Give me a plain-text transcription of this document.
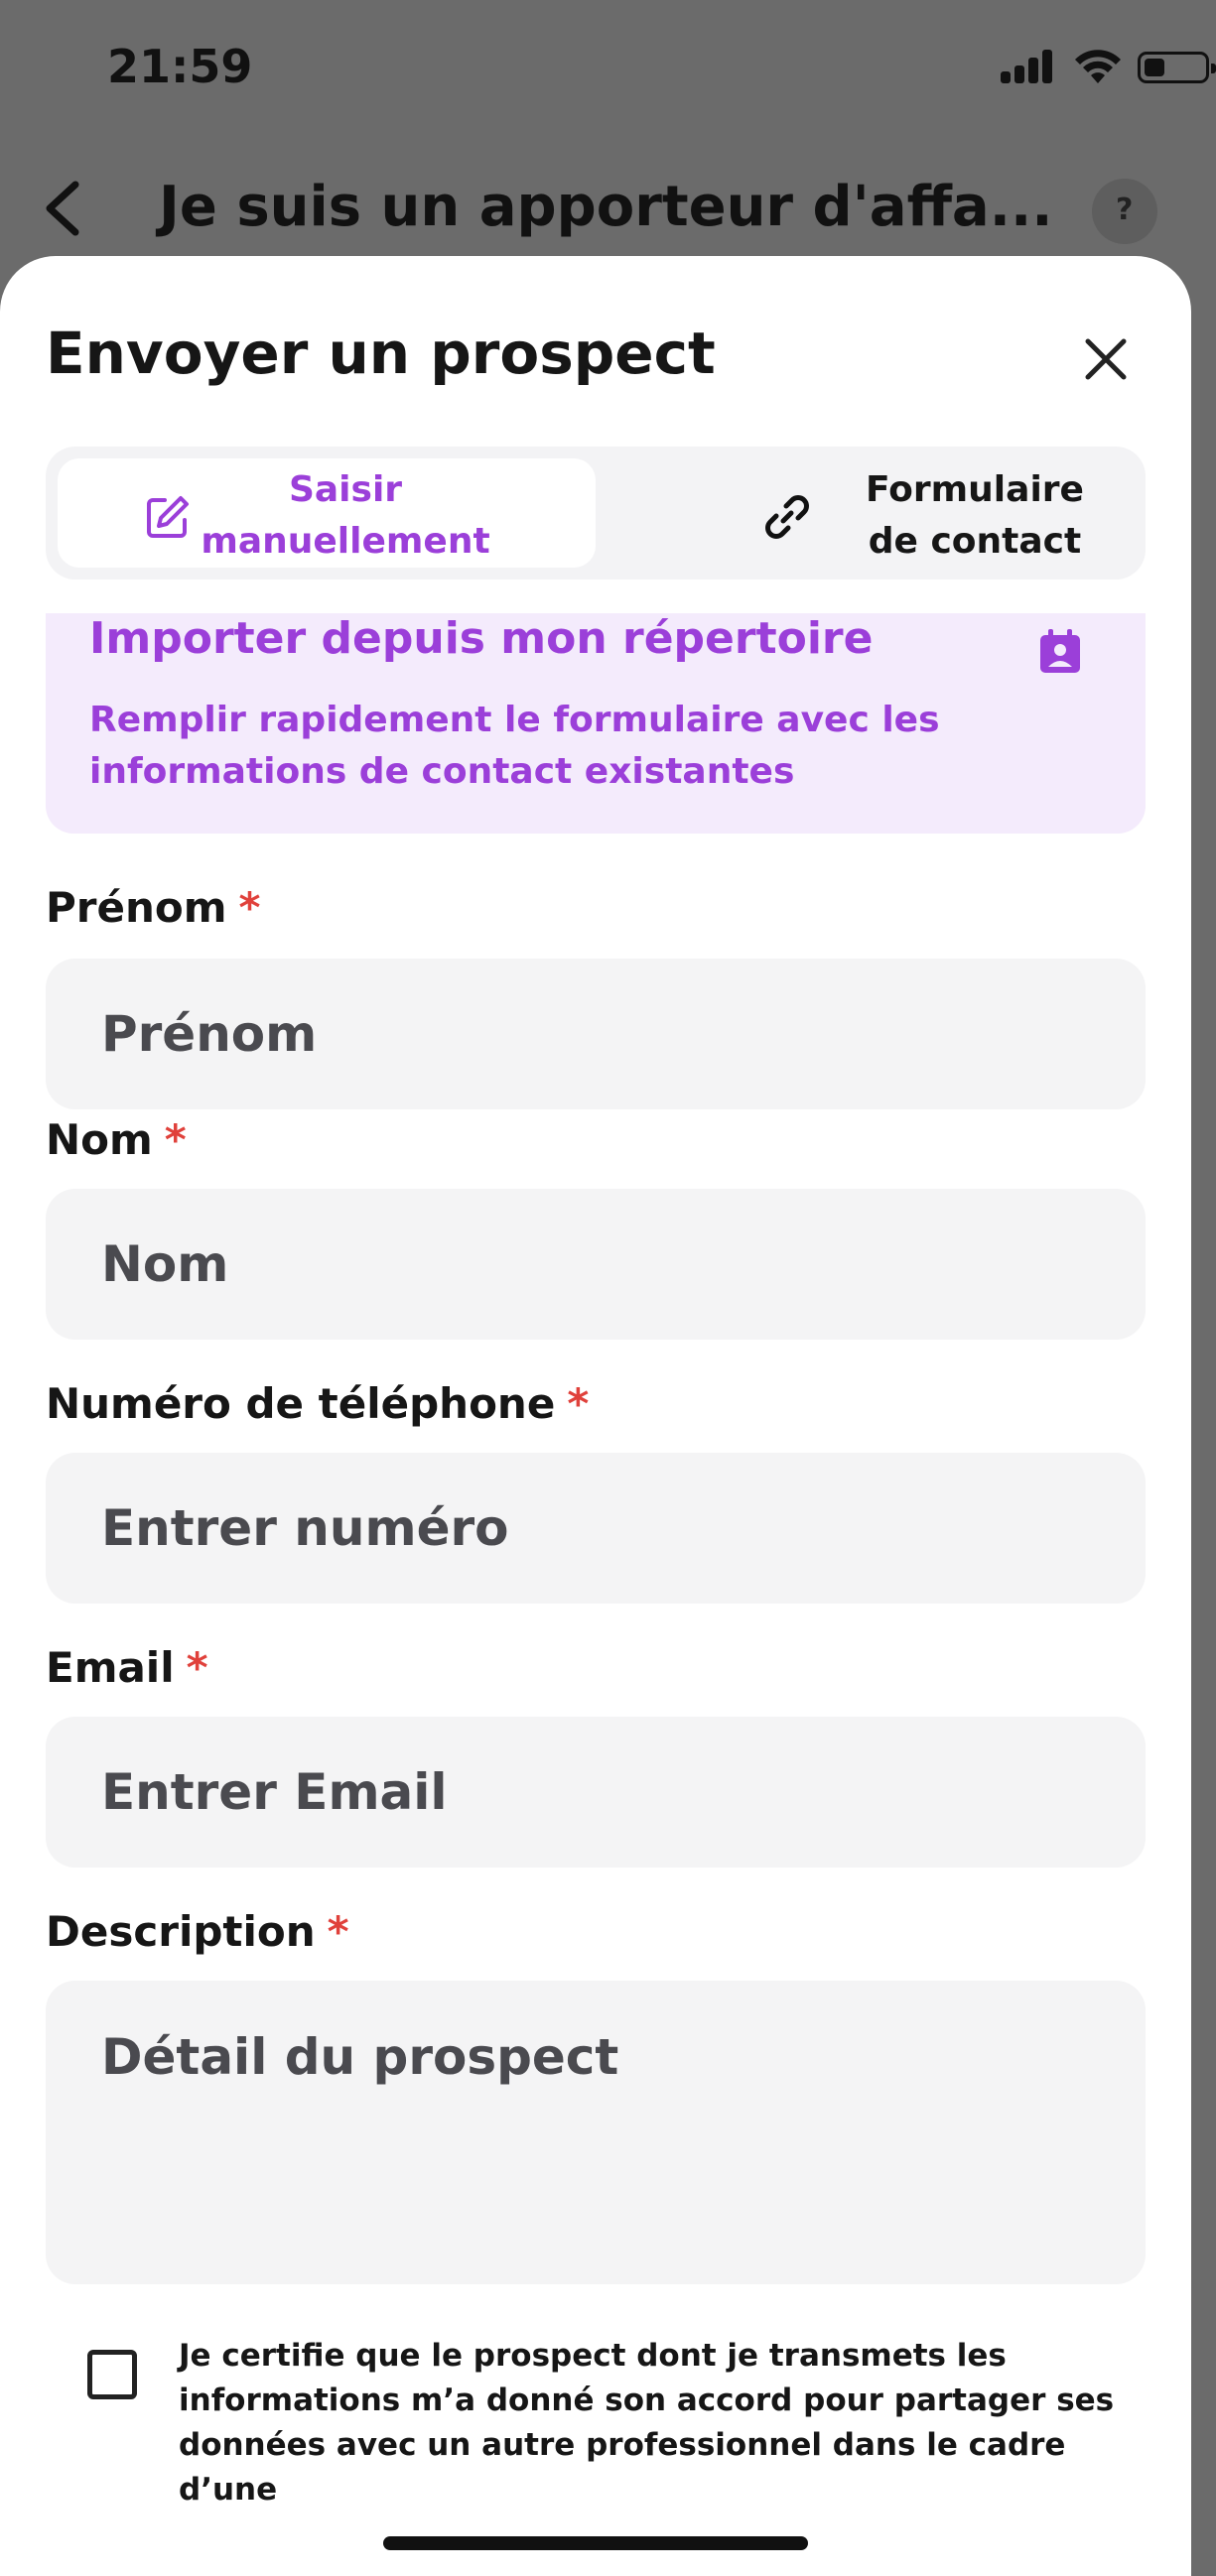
21:59
Je suis un apporteur d'affa... ?
Envoyer un prospect
Saisir
manuellement
Formulaire
de contact
Importer depuis mon répertoire
Remplir rapidement le formulaire avec les informations de contact existantes
Prénom *
Prénom
Nom *
Nom
Numéro de téléphone *
Entrer numéro
Email *
Entrer Email
Description *
Détail du prospect
Je certifie que le prospect dont je transmets les informations m’a donné son accord pour partager ses données avec un autre professionnel dans le cadre d’une
